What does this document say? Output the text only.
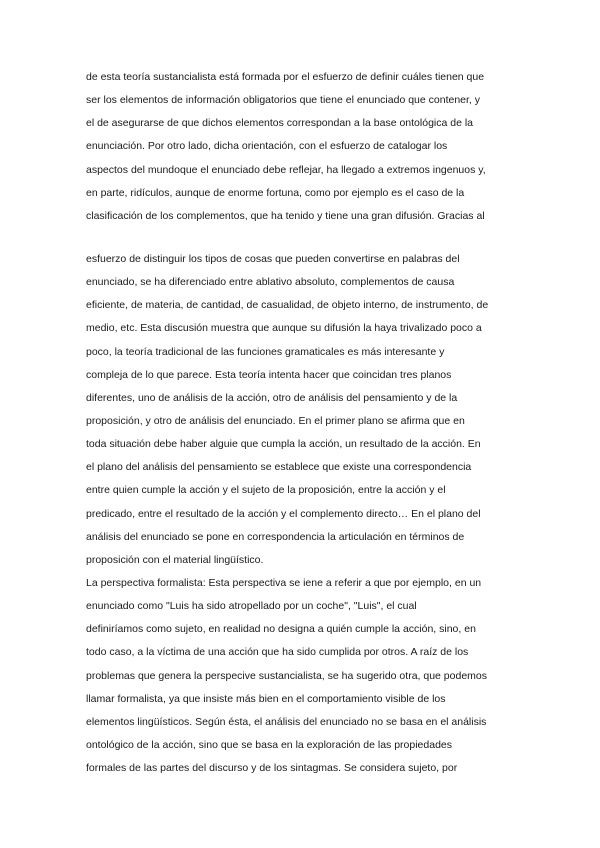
de esta teoría sustancialista está formada por el esfuerzo de definir cuáles tienen que
ser los elementos de información obligatorios que tiene el enunciado que contener, y
el de asegurarse de que dichos elementos correspondan a la base ontológica de la
enunciación. Por otro lado, dicha orientación, con el esfuerzo de catalogar los
aspectos del mundoque el enunciado debe reflejar, ha llegado a extremos ingenuos y,
en parte, ridículos, aunque de enorme fortuna, como por ejemplo es el caso de la
clasificación de los complementos, que ha tenido y tiene una gran difusión. Gracias al
esfuerzo de distinguir los tipos de cosas que pueden convertirse en palabras del
enunciado, se ha diferenciado entre ablativo absoluto, complementos de causa
eficiente, de materia, de cantidad, de casualidad, de objeto interno, de instrumento, de
medio, etc. Esta discusión muestra que aunque su difusión la haya trivalizado poco a
poco, la teoría tradicional de las funciones gramaticales es más interesante y
compleja de lo que parece. Esta teoría intenta hacer que coincidan tres planos
diferentes, uno de análisis de la acción, otro de análisis del pensamiento y de la
proposición, y otro de análisis del enunciado. En el primer plano se afirma que en
toda situación debe haber alguie que cumpla la acción, un resultado de la acción. En
el plano del análisis del pensamiento se establece que existe una correspondencia
entre quien cumple la acción y el sujeto de la proposición, entre la acción y el
predicado, entre el resultado de la acción y el complemento directo… En el plano del
análisis del enunciado se pone en correspondencia la articulación en términos de
proposición con el material lingüístico.
La perspectiva formalista: Esta perspectiva se iene a referir a que por ejemplo, en un
enunciado como "Luis ha sido atropellado por un coche", "Luis", el cual
definiríamos como sujeto, en realidad no designa a quién cumple la acción, sino, en
todo caso, a la víctima de una acción que ha sido cumplida por otros. A raíz de los
problemas que genera la perspecive sustancialista, se ha sugerido otra, que podemos
llamar formalista, ya que insiste más bien en el comportamiento visible de los
elementos lingüísticos. Según ésta, el análisis del enunciado no se basa en el análisis
ontológico de la acción, sino que se basa en la exploración de las propiedades
formales de las partes del discurso y de los sintagmas. Se considera sujeto, por
